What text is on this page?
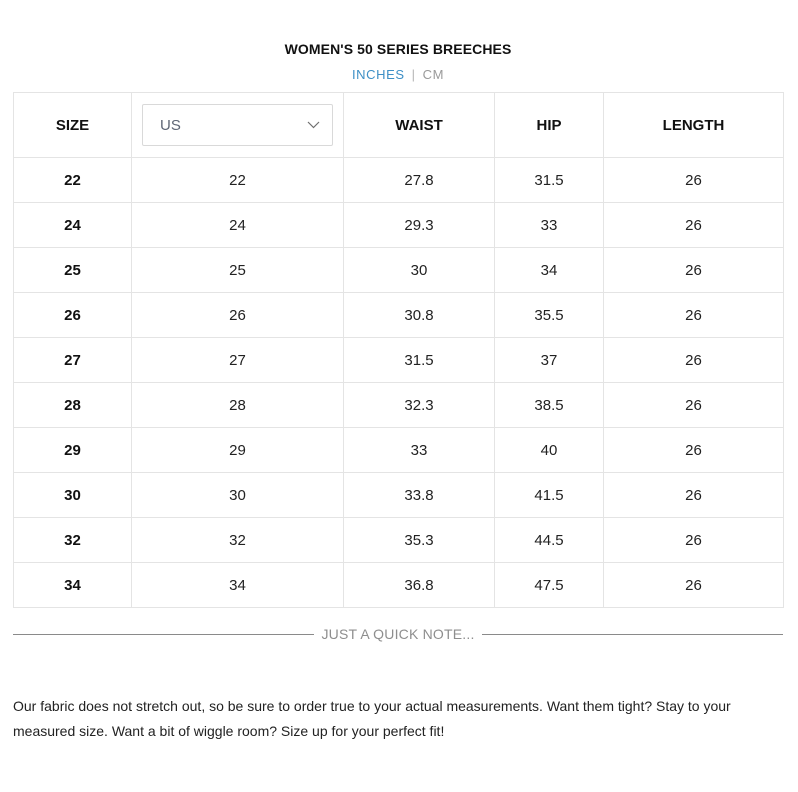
WOMEN'S 50 SERIES BREECHES
INCHES | CM
SIZE	US	WAIST	HIP	LENGTH
22	22	27.8	31.5	26
24	24	29.3	33	26
25	25	30	34	26
26	26	30.8	35.5	26
27	27	31.5	37	26
28	28	32.3	38.5	26
29	29	33	40	26
30	30	33.8	41.5	26
32	32	35.3	44.5	26
34	34	36.8	47.5	26
JUST A QUICK NOTE...

Our fabric does not stretch out, so be sure to order true to your actual measurements. Want them tight? Stay to your measured size. Want a bit of wiggle room? Size up for your perfect fit!
